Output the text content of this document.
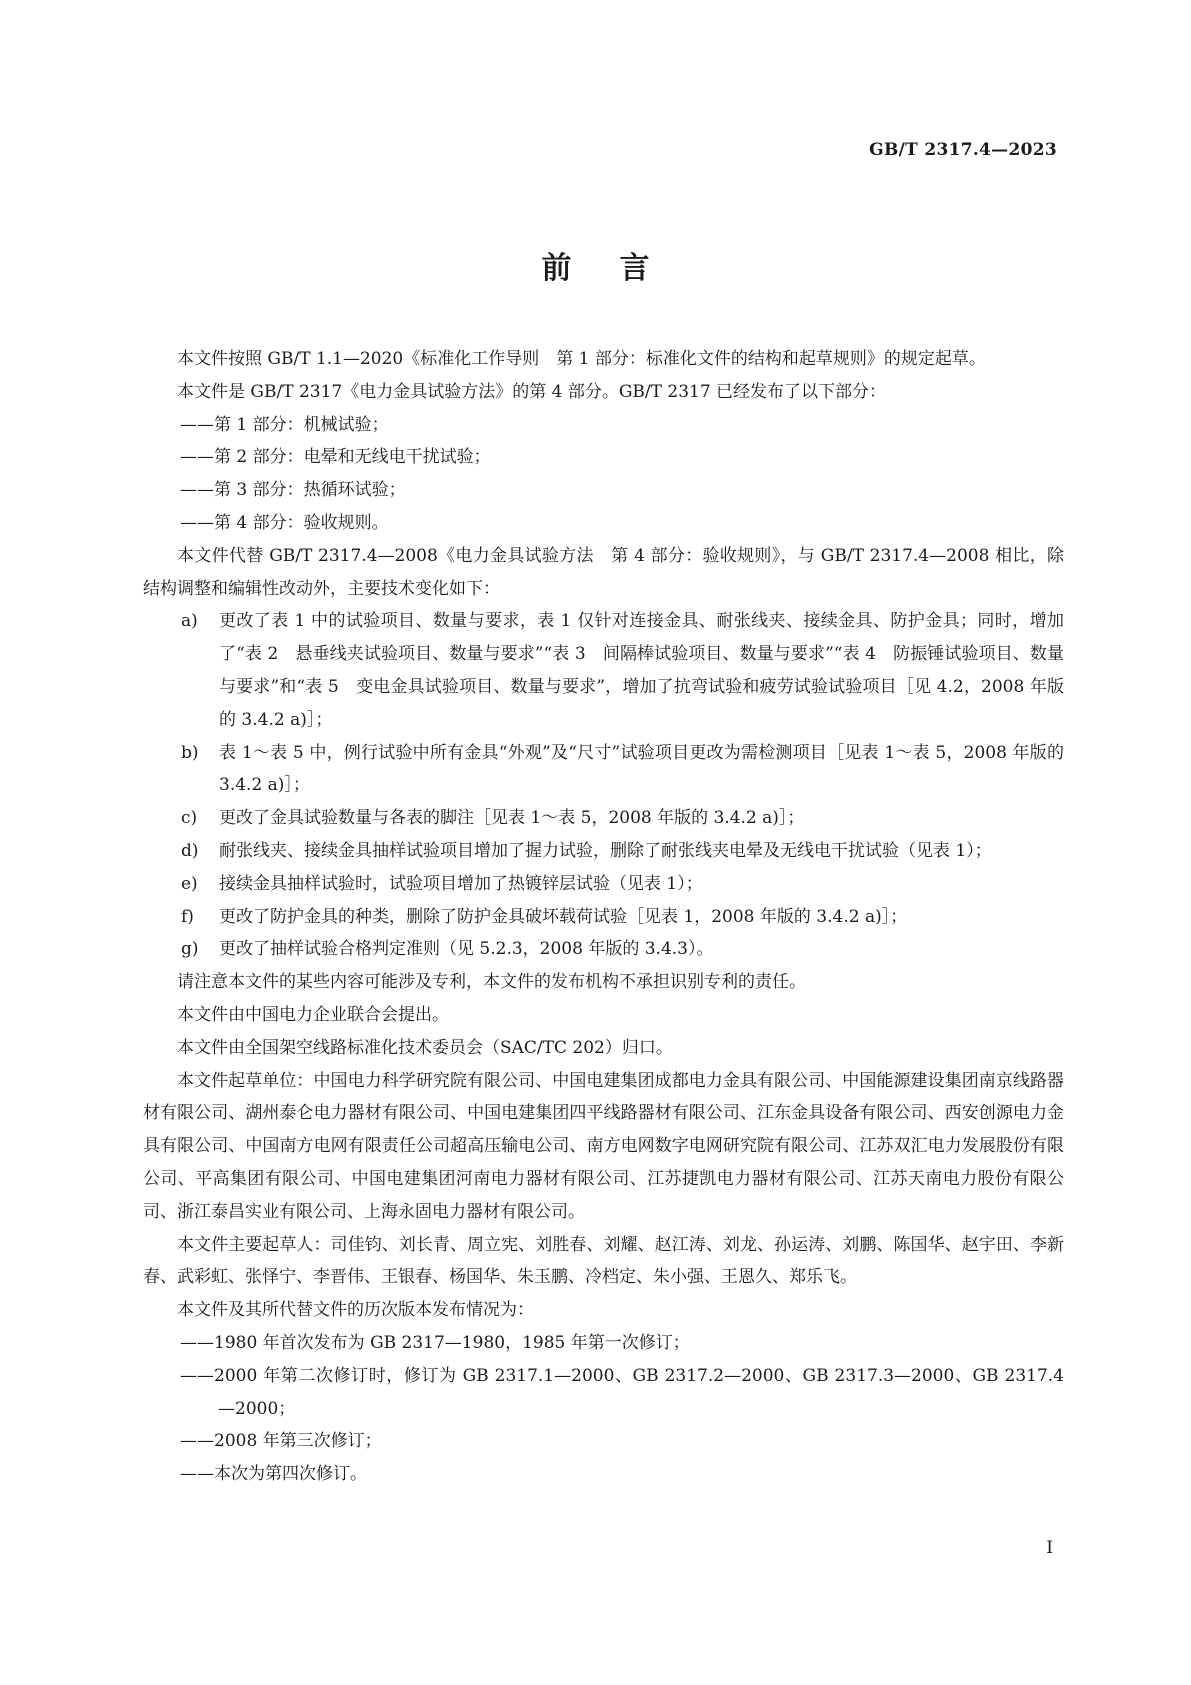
GB/T 2317.4—2023
前言

本文件按照 GB/T 1.1—2020《标准化工作导则　第 1 部分：标准化文件的结构和起草规则》的规定起草。

本文件是 GB/T 2317《电力金具试验方法》的第 4 部分。GB/T 2317 已经发布了以下部分：

——第 1 部分：机械试验；

——第 2 部分：电晕和无线电干扰试验；

——第 3 部分：热循环试验；

——第 4 部分：验收规则。

本文件代替 GB/T 2317.4—2008《电力金具试验方法　第 4 部分：验收规则》，与 GB/T 2317.4—2008 相比，除结构调整和编辑性改动外，主要技术变化如下：

a)	更改了表 1 中的试验项目、数量与要求，表 1 仅针对连接金具、耐张线夹、接续金具、防护金具；同时，增加了“表 2　悬垂线夹试验项目、数量与要求”“表 3　间隔棒试验项目、数量与要求”“表 4　防振锤试验项目、数量与要求”和“表 5　变电金具试验项目、数量与要求”，增加了抗弯试验和疲劳试验试验项目［见 4.2，2008 年版的 3.4.2 a)］；
b)	表 1～表 5 中，例行试验中所有金具“外观”及“尺寸”试验项目更改为需检测项目［见表 1～表 5，2008 年版的 3.4.2 a)］；
c)	更改了金具试验数量与各表的脚注［见表 1～表 5，2008 年版的 3.4.2 a)］；
d)	耐张线夹、接续金具抽样试验项目增加了握力试验，删除了耐张线夹电晕及无线电干扰试验（见表 1）；
e)	接续金具抽样试验时，试验项目增加了热镀锌层试验（见表 1）；
f)	更改了防护金具的种类，删除了防护金具破坏载荷试验［见表 1，2008 年版的 3.4.2 a)］；
g)	更改了抽样试验合格判定准则（见 5.2.3，2008 年版的 3.4.3）。

请注意本文件的某些内容可能涉及专利，本文件的发布机构不承担识别专利的责任。

本文件由中国电力企业联合会提出。

本文件由全国架空线路标准化技术委员会（SAC/TC 202）归口。

本文件起草单位：中国电力科学研究院有限公司、中国电建集团成都电力金具有限公司、中国能源建设集团南京线路器材有限公司、湖州泰仑电力器材有限公司、中国电建集团四平线路器材有限公司、江东金具设备有限公司、西安创源电力金具有限公司、中国南方电网有限责任公司超高压输电公司、南方电网数字电网研究院有限公司、江苏双汇电力发展股份有限公司、平高集团有限公司、中国电建集团河南电力器材有限公司、江苏捷凯电力器材有限公司、江苏天南电力股份有限公司、浙江泰昌实业有限公司、上海永固电力器材有限公司。

本文件主要起草人：司佳钧、刘长青、周立宪、刘胜春、刘耀、赵江涛、刘龙、孙运涛、刘鹏、陈国华、赵宇田、李新春、武彩虹、张怿宁、李晋伟、王银春、杨国华、朱玉鹏、冷档定、朱小强、王恩久、郑乐飞。

本文件及其所代替文件的历次版本发布情况为：

——1980 年首次发布为 GB 2317—1980，1985 年第一次修订；

——2000 年第二次修订时，修订为 GB 2317.1—2000、GB 2317.2—2000、GB 2317.3—2000、GB 2317.4—2000；

——2008 年第三次修订；

——本次为第四次修订。

I
